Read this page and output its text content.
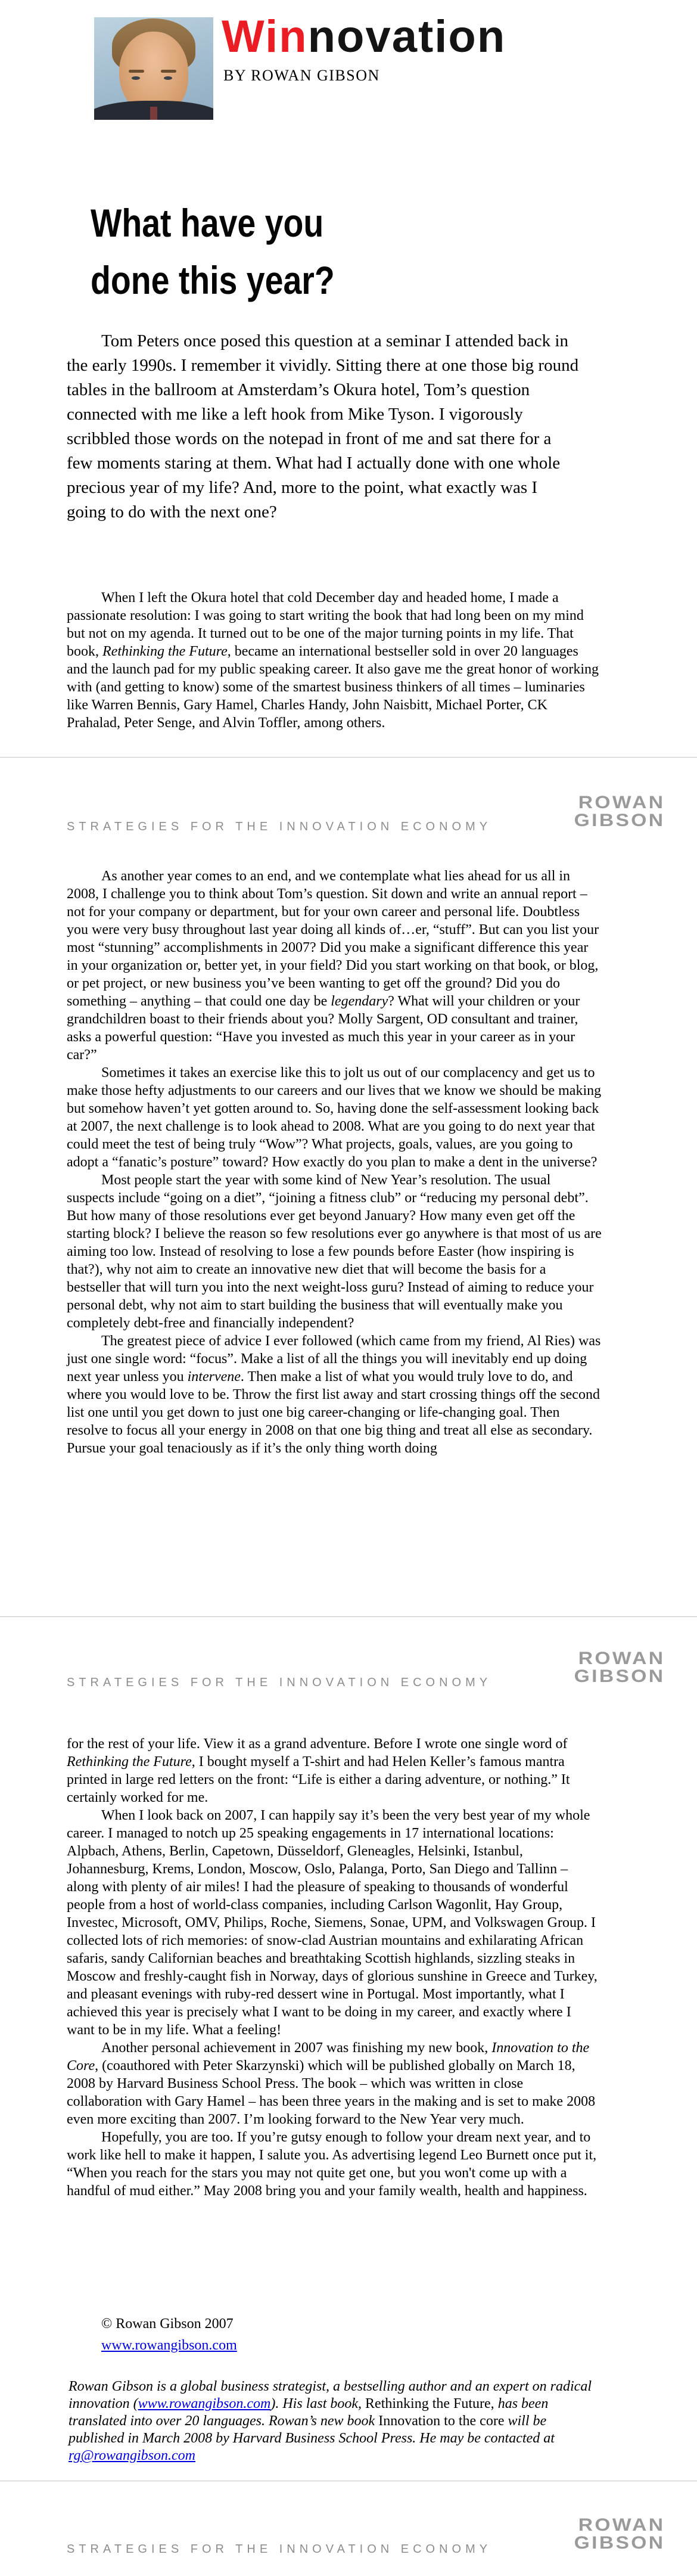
Winnovation
BY ROWAN GIBSON
What have you
done this year?

Tom Peters once posed this question at a seminar I attended back in the early 1990s. I remember it vividly. Sitting there at one those big round tables in the ballroom at Amsterdam’s Okura hotel, Tom’s question connected with me like a left hook from Mike Tyson. I vigorously scribbled those words on the notepad in front of me and sat there for a few moments staring at them. What had I actually done with one whole precious year of my life? And, more to the point, what exactly was I going to do with the next one?

When I left the Okura hotel that cold December day and headed home, I made a passionate resolution: I was going to start writing the book that had long been on my mind but not on my agenda. It turned out to be one of the major turning points in my life. That book, Rethinking the Future, became an international bestseller sold in over 20 languages and the launch pad for my public speaking career. It also gave me the great honor of working with (and getting to know) some of the smartest business thinkers of all times – luminaries like Warren Bennis, Gary Hamel, Charles Handy, John Naisbitt, Michael Porter, CK Prahalad, Peter Senge, and Alvin Toffler, among others.

ROWAN
GIBSON
STRATEGIES FOR THE INNOVATION ECONOMY

As another year comes to an end, and we contemplate what lies ahead for us all in 2008, I challenge you to think about Tom’s question. Sit down and write an annual report – not for your company or department, but for your own career and personal life. Doubtless you were very busy throughout last year doing all kinds of…er, “stuff”. But can you list your most “stunning” accomplishments in 2007? Did you make a significant difference this year in your organization or, better yet, in your field? Did you start working on that book, or blog, or pet project, or new business you’ve been wanting to get off the ground? Did you do something – anything – that could one day be legendary? What will your children or your grandchildren boast to their friends about you? Molly Sargent, OD consultant and trainer, asks a powerful question: “Have you invested as much this year in your career as in your car?”

Sometimes it takes an exercise like this to jolt us out of our complacency and get us to make those hefty adjustments to our careers and our lives that we know we should be making but somehow haven’t yet gotten around to. So, having done the self-assessment looking back at 2007, the next challenge is to look ahead to 2008. What are you going to do next year that could meet the test of being truly “Wow”? What projects, goals, values, are you going to adopt a “fanatic’s posture” toward? How exactly do you plan to make a dent in the universe?

Most people start the year with some kind of New Year’s resolution. The usual suspects include “going on a diet”, “joining a fitness club” or “reducing my personal debt”. But how many of those resolutions ever get beyond January? How many even get off the starting block? I believe the reason so few resolutions ever go anywhere is that most of us are aiming too low. Instead of resolving to lose a few pounds before Easter (how inspiring is that?), why not aim to create an innovative new diet that will become the basis for a bestseller that will turn you into the next weight-loss guru? Instead of aiming to reduce your personal debt, why not aim to start building the business that will eventually make you completely debt-free and financially independent?

The greatest piece of advice I ever followed (which came from my friend, Al Ries) was just one single word: “focus”. Make a list of all the things you will inevitably end up doing next year unless you intervene. Then make a list of what you would truly love to do, and where you would love to be. Throw the first list away and start crossing things off the second list one until you get down to just one big career-changing or life-changing goal. Then resolve to focus all your energy in 2008 on that one big thing and treat all else as secondary. Pursue your goal tenaciously as if it’s the only thing worth doing

ROWAN
GIBSON
STRATEGIES FOR THE INNOVATION ECONOMY

for the rest of your life. View it as a grand adventure. Before I wrote one single word of Rethinking the Future, I bought myself a T-shirt and had Helen Keller’s famous mantra printed in large red letters on the front: “Life is either a daring adventure, or nothing.” It certainly worked for me.

When I look back on 2007, I can happily say it’s been the very best year of my whole career. I managed to notch up 25 speaking engagements in 17 international locations: Alpbach, Athens, Berlin, Capetown, Düsseldorf, Gleneagles, Helsinki, Istanbul, Johannesburg, Krems, London, Moscow, Oslo, Palanga, Porto, San Diego and Tallinn – along with plenty of air miles! I had the pleasure of speaking to thousands of wonderful people from a host of world-class companies, including Carlson Wagonlit, Hay Group, Investec, Microsoft, OMV, Philips, Roche, Siemens, Sonae, UPM, and Volkswagen Group. I collected lots of rich memories: of snow-clad Austrian mountains and exhilarating African safaris, sandy Californian beaches and breathtaking Scottish highlands, sizzling steaks in Moscow and freshly-caught fish in Norway, days of glorious sunshine in Greece and Turkey, and pleasant evenings with ruby-red dessert wine in Portugal. Most importantly, what I achieved this year is precisely what I want to be doing in my career, and exactly where I want to be in my life. What a feeling!

Another personal achievement in 2007 was finishing my new book, Innovation to the Core, (coauthored with Peter Skarzynski) which will be published globally on March 18, 2008 by Harvard Business School Press. The book – which was written in close collaboration with Gary Hamel – has been three years in the making and is set to make 2008 even more exciting than 2007. I’m looking forward to the New Year very much.

Hopefully, you are too. If you’re gutsy enough to follow your dream next year, and to work like hell to make it happen, I salute you. As advertising legend Leo Burnett once put it, “When you reach for the stars you may not quite get one, but you won't come up with a handful of mud either.” May 2008 bring you and your family wealth, health and happiness.

© Rowan Gibson 2007
www.rowangibson.com

Rowan Gibson is a global business strategist, a bestselling author and an expert on radical innovation (www.rowangibson.com). His last book, Rethinking the Future, has been translated into over 20 languages. Rowan’s new book Innovation to the core will be published in March 2008 by Harvard Business School Press. He may be contacted at rg@rowangibson.com

ROWAN
GIBSON
STRATEGIES FOR THE INNOVATION ECONOMY
